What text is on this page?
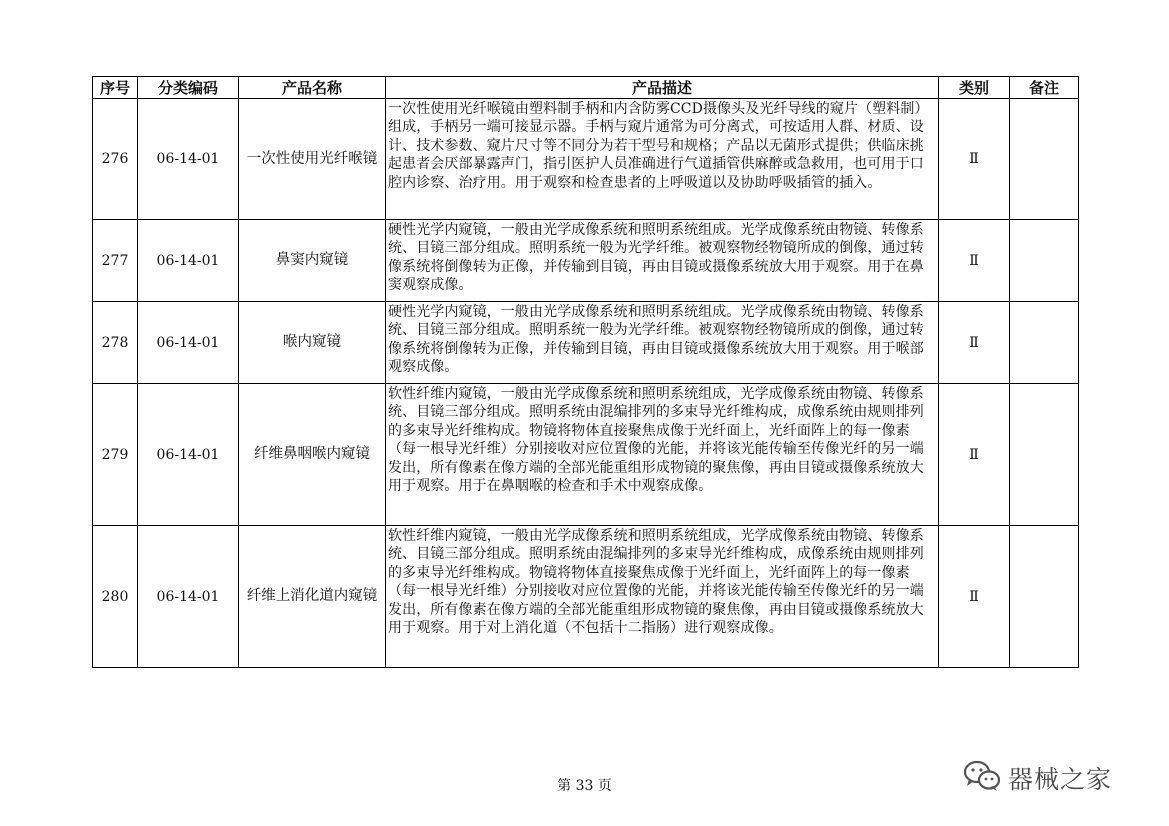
序号	分类编码	产品名称	产品描述	类别	备注
276	06-14-01	一次性使用光纤喉镜	一次性使用光纤喉镜由塑料制手柄和内含防雾CCD摄像头及光纤导线的窥片（塑料制）组成，手柄另一端可接显示器。手柄与窥片通常为可分离式，可按适用人群、材质、设计、技术参数、窥片尺寸等不同分为若干型号和规格；产品以无菌形式提供；供临床挑起患者会厌部暴露声门，指引医护人员准确进行气道插管供麻醉或急救用，也可用于口腔内诊察、治疗用。用于观察和检查患者的上呼吸道以及协助呼吸插管的插入。	Ⅱ	
277	06-14-01	鼻窦内窥镜	硬性光学内窥镜，一般由光学成像系统和照明系统组成。光学成像系统由物镜、转像系统、目镜三部分组成。照明系统一般为光学纤维。被观察物经物镜所成的倒像，通过转像系统将倒像转为正像，并传输到目镜，再由目镜或摄像系统放大用于观察。用于在鼻窦观察成像。	Ⅱ	
278	06-14-01	喉内窥镜	硬性光学内窥镜，一般由光学成像系统和照明系统组成。光学成像系统由物镜、转像系统、目镜三部分组成。照明系统一般为光学纤维。被观察物经物镜所成的倒像，通过转像系统将倒像转为正像，并传输到目镜，再由目镜或摄像系统放大用于观察。用于喉部观察成像。	Ⅱ	
279	06-14-01	纤维鼻咽喉内窥镜	软性纤维内窥镜，一般由光学成像系统和照明系统组成，光学成像系统由物镜、转像系统、目镜三部分组成。照明系统由混编排列的多束导光纤维构成，成像系统由规则排列的多束导光纤维构成。物镜将物体直接聚焦成像于光纤面上，光纤面阵上的每一像素（每一根导光纤维）分别接收对应位置像的光能，并将该光能传输至传像光纤的另一端发出，所有像素在像方端的全部光能重组形成物镜的聚焦像，再由目镜或摄像系统放大用于观察。用于在鼻咽喉的检查和手术中观察成像。	Ⅱ	
280	06-14-01	纤维上消化道内窥镜	软性纤维内窥镜，一般由光学成像系统和照明系统组成，光学成像系统由物镜、转像系统、目镜三部分组成。照明系统由混编排列的多束导光纤维构成，成像系统由规则排列的多束导光纤维构成。物镜将物体直接聚焦成像于光纤面上，光纤面阵上的每一像素（每一根导光纤维）分别接收对应位置像的光能，并将该光能传输至传像光纤的另一端发出，所有像素在像方端的全部光能重组形成物镜的聚焦像，再由目镜或摄像系统放大用于观察。用于对上消化道（不包括十二指肠）进行观察成像。	Ⅱ	
第 33 页	器械之家
